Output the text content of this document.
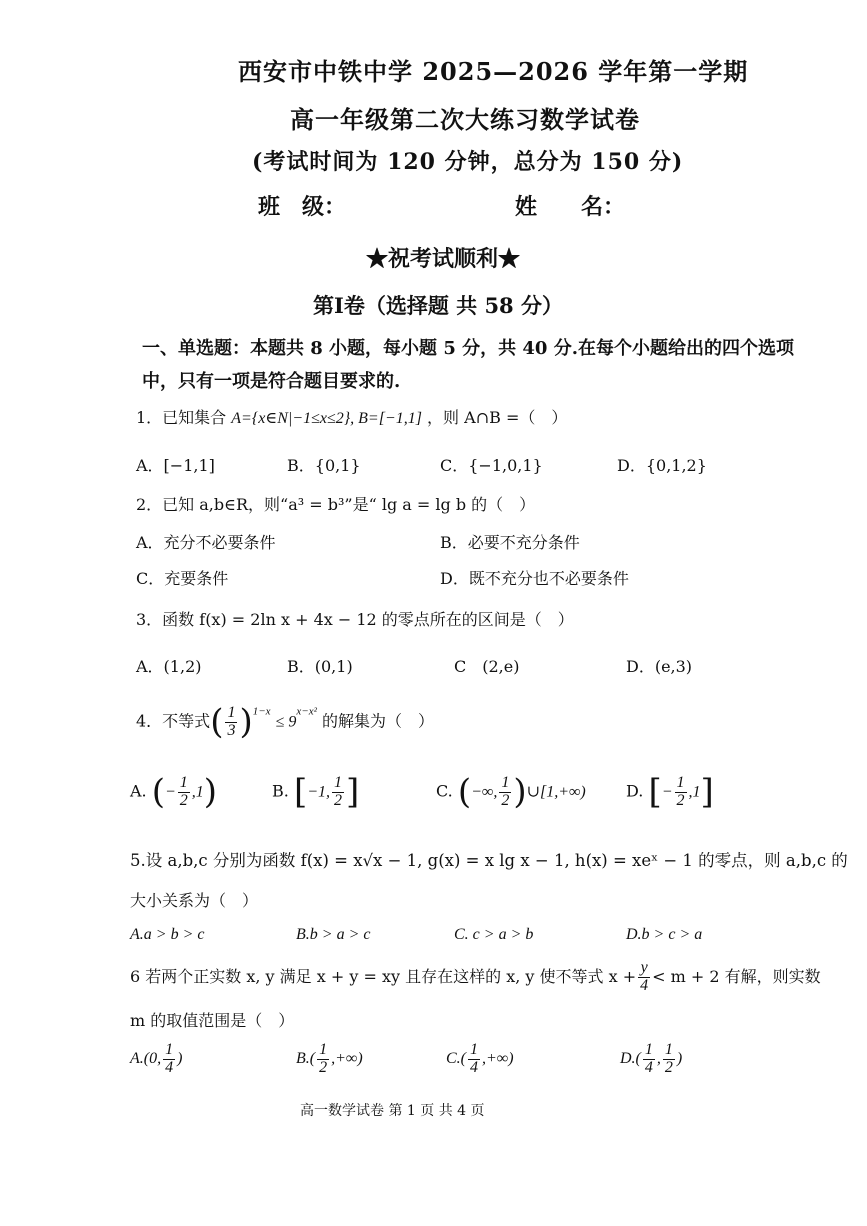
西安市中铁中学 2025—2026 学年第一学期
高一年级第二次大练习数学试卷
(考试时间为 120 分钟，总分为 150 分)
班　级：	姓　　名：
★祝考试顺利★
第Ⅰ卷（选择题 共 58 分）
一、单选题：本题共 8 小题，每小题 5 分，共 40 分.在每个小题给出的四个选项
中，只有一项是符合题目要求的.
1．已知集合 A={x∈N|−1≤x≤2}, B=[−1,1] ，则 A∩B =（　）
A．[−1,1]	B．{0,1}	C．{−1,0,1}	D．{0,1,2}
2．已知 a,b∈R，则“a³ = b³”是“ lg a = lg b 的（　）
A．充分不必要条件	B．必要不充分条件
C．充要条件	D．既不充分也不必要条件
3．函数 f(x) = 2ln x + 4x − 12 的零点所在的区间是（　）
A．(1,2)	B．(0,1)	C　(2,e)	D．(e,3)
4．不等式( $\frac{1}{3} )^{1-x} \le 9^{x-x^2}$ 的解集为（　）
A. (− $\frac{1}{2} ,1$)	B. [−1, $\frac{1}{2}$ ]	C. (−∞, $\frac{1}{2}$ )∪[1,+∞)	D. [− $\frac{1}{2} ,1$]
5.设 a,b,c 分别为函数 f(x) = x√x − 1, g(x) = x lg x − 1, h(x) = xeˣ − 1 的零点，则 a,b,c 的
大小关系为（　）
A.a > b > c	B.b > a > c	C. c > a > b	D.b > c > a
6 若两个正实数 x, y 满足 x + y = xy 且存在这样的 x, y 使不等式 $x + \frac{y}{4} < m + 2$ 有解，则实数
m 的取值范围是（　）
A.(0, $\frac{1}{4}$ )	$B.( \frac{1}{2}$ ,+∞)	$C.( \frac{1}{4}$ ,+∞)	$D.( \frac{1}{4}$ , $\frac{1}{2}$ )
高一数学试卷 第 1 页 共 4 页
